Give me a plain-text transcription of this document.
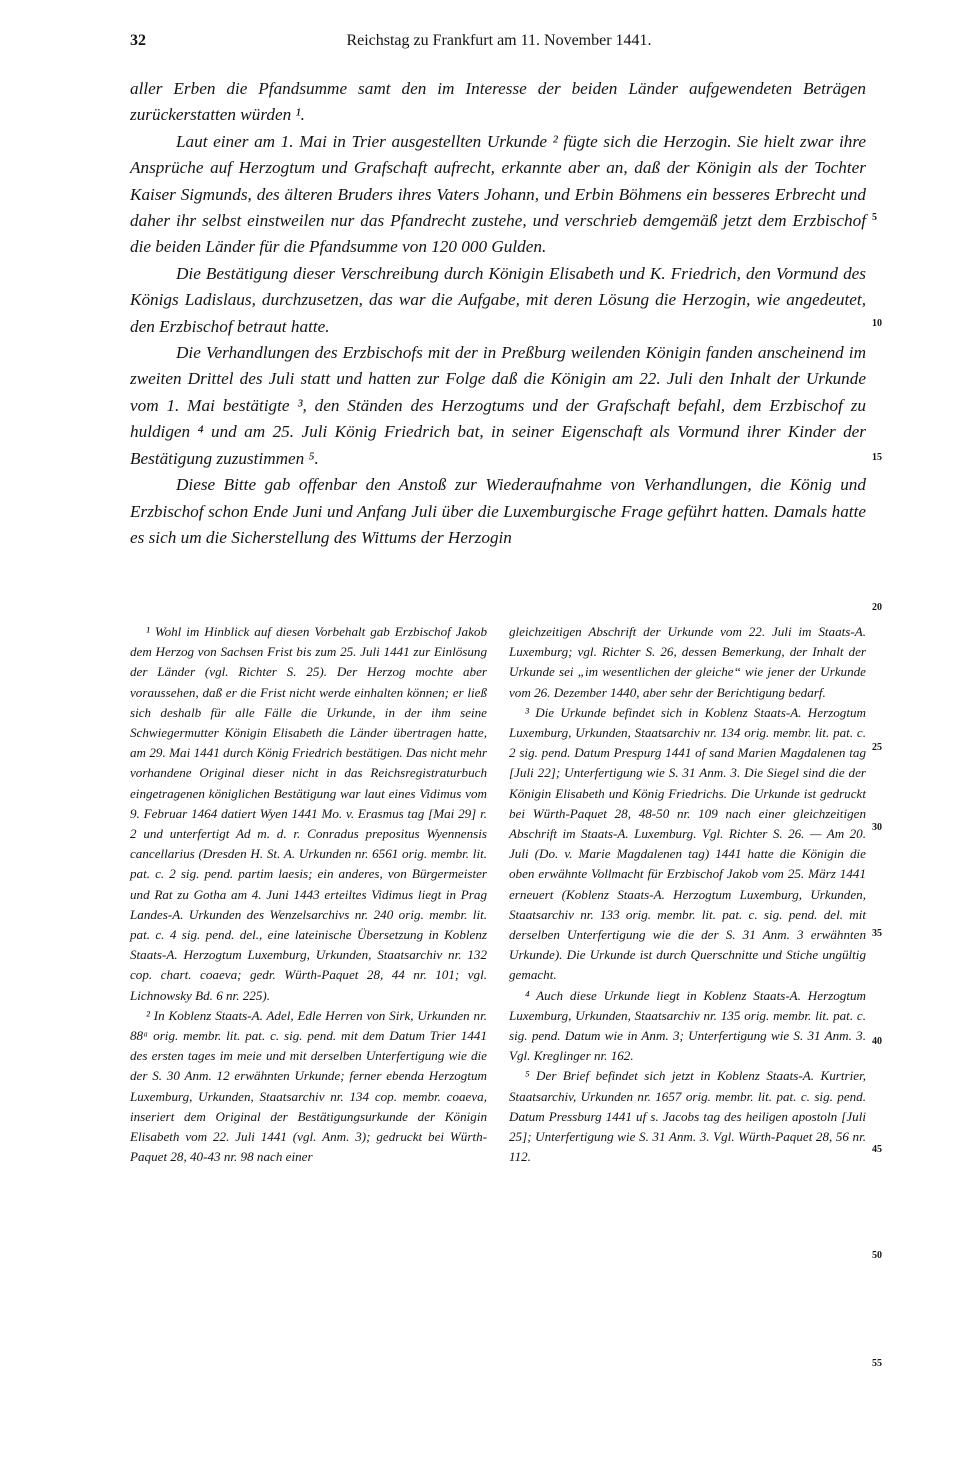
32	Reichstag zu Frankfurt am 11. November 1441.

aller Erben die Pfandsumme samt den im Interesse der beiden Länder aufgewendeten Beträgen zurückerstatten würden ¹.

Laut einer am 1. Mai in Trier ausgestellten Urkunde ² fügte sich die Herzogin. Sie hielt zwar ihre Ansprüche auf Herzogtum und Grafschaft aufrecht, erkannte aber an, daß der Königin als der Tochter Kaiser Sigmunds, des älteren Bruders ihres Vaters Johann, und Erbin Böhmens ein besseres Erbrecht und daher ihr selbst einstweilen nur das Pfandrecht zustehe, und verschrieb demgemäß jetzt dem Erzbischof die beiden Länder für die Pfandsumme von 120 000 Gulden.

Die Bestätigung dieser Verschreibung durch Königin Elisabeth und K. Friedrich, den Vormund des Königs Ladislaus, durchzusetzen, das war die Aufgabe, mit deren Lösung die Herzogin, wie angedeutet, den Erzbischof betraut hatte.

Die Verhandlungen des Erzbischofs mit der in Preßburg weilenden Königin fanden anscheinend im zweiten Drittel des Juli statt und hatten zur Folge daß die Königin am 22. Juli den Inhalt der Urkunde vom 1. Mai bestätigte ³, den Ständen des Herzogtums und der Grafschaft befahl, dem Erzbischof zu huldigen ⁴ und am 25. Juli König Friedrich bat, in seiner Eigenschaft als Vormund ihrer Kinder der Bestätigung zuzustimmen ⁵.

Diese Bitte gab offenbar den Anstoß zur Wiederaufnahme von Verhandlungen, die König und Erzbischof schon Ende Juni und Anfang Juli über die Luxemburgische Frage geführt hatten. Damals hatte es sich um die Sicherstellung des Wittums der Herzogin

5
10
15
20
25
30
35
40
45
50
55

¹ Wohl im Hinblick auf diesen Vorbehalt gab Erzbischof Jakob dem Herzog von Sachsen Frist bis zum 25. Juli 1441 zur Einlösung der Länder (vgl. Richter S. 25). Der Herzog mochte aber voraussehen, daß er die Frist nicht werde einhalten können; er ließ sich deshalb für alle Fälle die Urkunde, in der ihm seine Schwiegermutter Königin Elisabeth die Länder übertragen hatte, am 29. Mai 1441 durch König Friedrich bestätigen. Das nicht mehr vorhandene Original dieser nicht in das Reichsregistraturbuch eingetragenen königlichen Bestätigung war laut eines Vidimus vom 9. Februar 1464 datiert Wyen 1441 Mo. v. Erasmus tag [Mai 29] r. 2 und unterfertigt Ad m. d. r. Conradus prepositus Wyennensis cancellarius (Dresden H. St. A. Urkunden nr. 6561 orig. membr. lit. pat. c. 2 sig. pend. partim laesis; ein anderes, von Bürgermeister und Rat zu Gotha am 4. Juni 1443 erteiltes Vidimus liegt in Prag Landes-A. Urkunden des Wenzelsarchivs nr. 240 orig. membr. lit. pat. c. 4 sig. pend. del., eine lateinische Übersetzung in Koblenz Staats-A. Herzogtum Luxemburg, Urkunden, Staatsarchiv nr. 132 cop. chart. coaeva; gedr. Würth-Paquet 28, 44 nr. 101; vgl. Lichnowsky Bd. 6 nr. 225).

² In Koblenz Staats-A. Adel, Edle Herren von Sirk, Urkunden nr. 88ᵃ orig. membr. lit. pat. c. sig. pend. mit dem Datum Trier 1441 des ersten tages im meie und mit derselben Unterfertigung wie die der S. 30 Anm. 12 erwähnten Urkunde; ferner ebenda Herzogtum Luxemburg, Urkunden, Staatsarchiv nr. 134 cop. membr. coaeva, inseriert dem Original der Bestätigungsurkunde der Königin Elisabeth vom 22. Juli 1441 (vgl. Anm. 3); gedruckt bei Würth-Paquet 28, 40-43 nr. 98 nach einer

gleichzeitigen Abschrift der Urkunde vom 22. Juli im Staats-A. Luxemburg; vgl. Richter S. 26, dessen Bemerkung, der Inhalt der Urkunde sei „im wesentlichen der gleiche“ wie jener der Urkunde vom 26. Dezember 1440, aber sehr der Berichtigung bedarf.

³ Die Urkunde befindet sich in Koblenz Staats-A. Herzogtum Luxemburg, Urkunden, Staatsarchiv nr. 134 orig. membr. lit. pat. c. 2 sig. pend. Datum Prespurg 1441 of sand Marien Magdalenen tag [Juli 22]; Unterfertigung wie S. 31 Anm. 3. Die Siegel sind die der Königin Elisabeth und König Friedrichs. Die Urkunde ist gedruckt bei Würth-Paquet 28, 48-50 nr. 109 nach einer gleichzeitigen Abschrift im Staats-A. Luxemburg. Vgl. Richter S. 26. — Am 20. Juli (Do. v. Marie Magdalenen tag) 1441 hatte die Königin die oben erwähnte Vollmacht für Erzbischof Jakob vom 25. März 1441 erneuert (Koblenz Staats-A. Herzogtum Luxemburg, Urkunden, Staatsarchiv nr. 133 orig. membr. lit. pat. c. sig. pend. del. mit derselben Unterfertigung wie die der S. 31 Anm. 3 erwähnten Urkunde). Die Urkunde ist durch Querschnitte und Stiche ungültig gemacht.

⁴ Auch diese Urkunde liegt in Koblenz Staats-A. Herzogtum Luxemburg, Urkunden, Staatsarchiv nr. 135 orig. membr. lit. pat. c. sig. pend. Datum wie in Anm. 3; Unterfertigung wie S. 31 Anm. 3. Vgl. Kreglinger nr. 162.

⁵ Der Brief befindet sich jetzt in Koblenz Staats-A. Kurtrier, Staatsarchiv, Urkunden nr. 1657 orig. membr. lit. pat. c. sig. pend. Datum Pressburg 1441 uf s. Jacobs tag des heiligen apostoln [Juli 25]; Unterfertigung wie S. 31 Anm. 3. Vgl. Würth-Paquet 28, 56 nr. 112.
